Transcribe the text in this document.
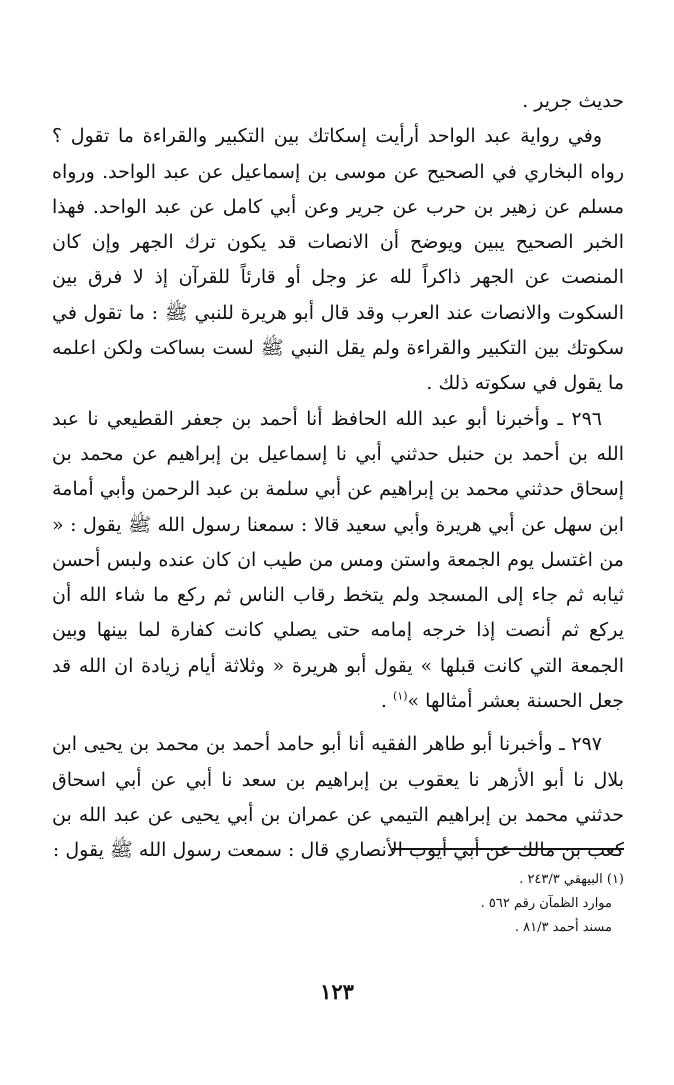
حديث جرير .

وفي رواية عبد الواحد أرأيت إسكاتك بين التكبير والقراءة ما تقول ؟ رواه البخاري في الصحيح عن موسى بن إسماعيل عن عبد الواحد. ورواه مسلم عن زهير بن حرب عن جرير وعن أبي كامل عن عبد الواحد. فهذا الخبر الصحيح يبين ويوضح أن الانصات قد يكون ترك الجهر وإن كان المنصت عن الجهر ذاكراً لله عز وجل أو قارئاً للقرآن إذ لا فرق بين السكوت والانصات عند العرب وقد قال أبو هريرة للنبي ﷺ : ما تقول في سكوتك بين التكبير والقراءة ولم يقل النبي ﷺ لست بساكت ولكن اعلمه ما يقول في سكوته ذلك .

٢٩٦ ـ وأخبرنا أبو عبد الله الحافظ أنا أحمد بن جعفر القطيعي نا عبد الله بن أحمد بن حنبل حدثني أبي نا إسماعيل بن إبراهيم عن محمد بن إسحاق حدثني محمد بن إبراهيم عن أبي سلمة بن عبد الرحمن وأبي أمامة ابن سهل عن أبي هريرة وأبي سعيد قالا : سمعنا رسول الله ﷺ يقول : « من اغتسل يوم الجمعة واستن ومس من طيب ان كان عنده ولبس أحسن ثيابه ثم جاء إلى المسجد ولم يتخط رقاب الناس ثم ركع ما شاء الله أن يركع ثم أنصت إذا خرجه إمامه حتى يصلي كانت كفارة لما بينها وبين الجمعة التي كانت قبلها » يقول أبو هريرة « وثلاثة أيام زيادة ان الله قد جعل الحسنة بعشر أمثالها »$^{(١)}$ .

٢٩٧ ـ وأخبرنا أبو طاهر الفقيه أنا أبو حامد أحمد بن محمد بن يحيى ابن بلال نا أبو الأزهر نا يعقوب بن إبراهيم بن سعد نا أبي عن أبي اسحاق حدثني محمد بن إبراهيم التيمي عن عمران بن أبي يحيى عن عبد الله بن كعب بن مالك عن أبي أيوب الأنصاري قال : سمعت رسول الله ﷺ يقول :

(١) البيهقي ٢٤٣/٣ .

موارد الظمآن رقم ٥٦٢ .

مسند أحمد ٨١/٣ .

١٢٣
